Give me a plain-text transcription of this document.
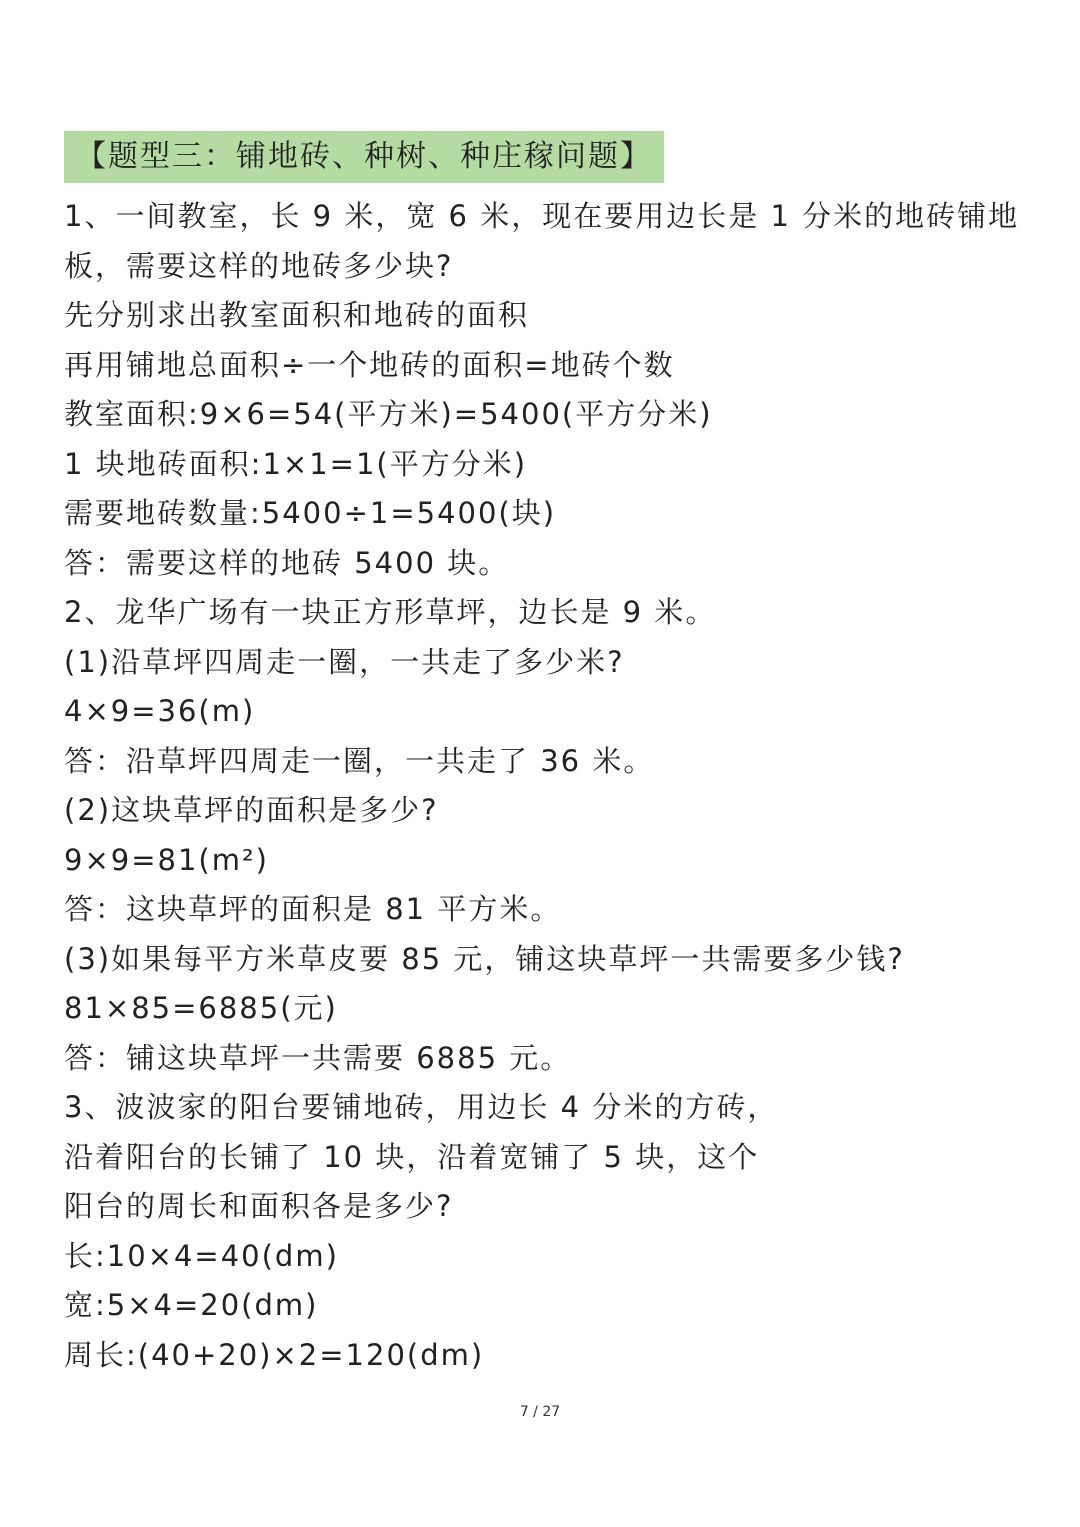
【题型三：铺地砖、种树、种庄稼问题】
1、一间教室，长 9 米，宽 6 米，现在要用边长是 1 分米的地砖铺地
板，需要这样的地砖多少块?
先分别求出教室面积和地砖的面积
再用铺地总面积÷一个地砖的面积=地砖个数
教室面积:9×6=54(平方米)=5400(平方分米)
1 块地砖面积:1×1=1(平方分米)
需要地砖数量:5400÷1=5400(块)
答：需要这样的地砖 5400 块。
2、龙华广场有一块正方形草坪，边长是 9 米。
(1)沿草坪四周走一圈，一共走了多少米?
4×9=36(m)
答：沿草坪四周走一圈，一共走了 36 米。
(2)这块草坪的面积是多少?
9×9=81(m²)
答：这块草坪的面积是 81 平方米。
(3)如果每平方米草皮要 85 元，铺这块草坪一共需要多少钱?
81×85=6885(元)
答：铺这块草坪一共需要 6885 元。
3、波波家的阳台要铺地砖，用边长 4 分米的方砖，
沿着阳台的长铺了 10 块，沿着宽铺了 5 块，这个
阳台的周长和面积各是多少?
长:10×4=40(dm)
宽:5×4=20(dm)
周长:(40+20)×2=120(dm)
7 / 27
